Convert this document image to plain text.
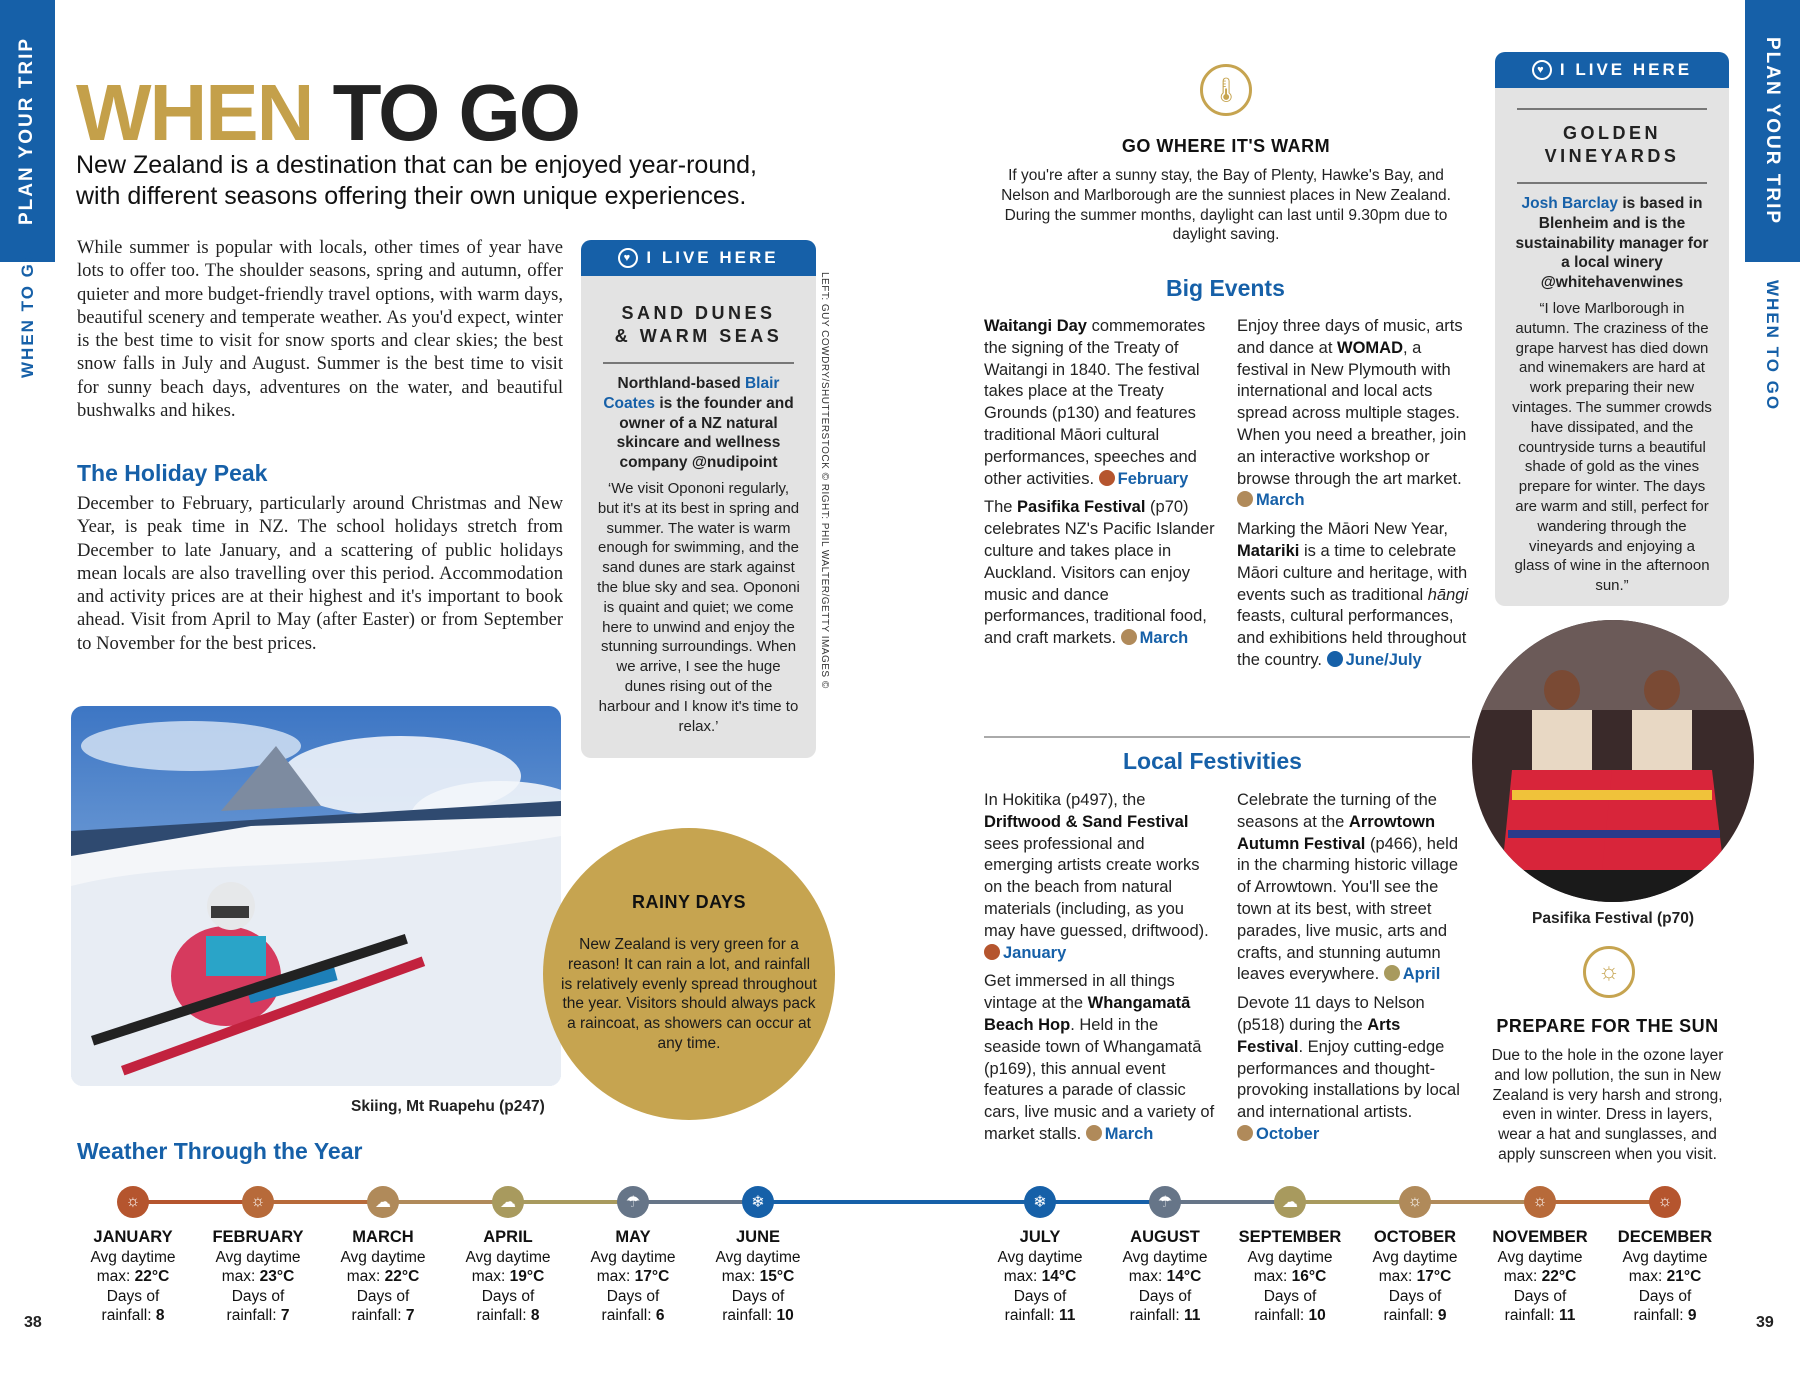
PLAN YOUR TRIP
WHEN TO GO
PLAN YOUR TRIP
WHEN TO GO
WHEN TO GO
New Zealand is a destination that can be enjoyed year-round, with different seasons offering their own unique experiences.
While summer is popular with locals, other times of year have lots to offer too. The shoulder seasons, spring and autumn, offer quieter and more budget-friendly travel options, with warm days, beautiful scenery and temperate weather. As you'd expect, winter is the best time to visit for snow sports and clear skies; the best snow falls in July and August. Summer is the best time to visit for sunny beach days, adventures on the water, and beautiful bushwalks and hikes.
The Holiday Peak
December to February, particularly around Christmas and New Year, is peak time in NZ. The school holidays stretch from December to late January, and a scattering of public holidays mean locals are also travelling over this period. Accommodation and activity prices are at their highest and it's important to book ahead. Visit from April to May (after Easter) or from September to November for the best prices.
♥ I LIVE HERE
SAND DUNES & WARM SEAS
Northland-based Blair Coates is the founder and owner of a NZ natural skincare and wellness company @nudipoint
‘We visit Opononi regularly, but it's at its best in spring and summer. The water is warm enough for swimming, and the sand dunes are stark against the blue sky and sea. Opononi is quaint and quiet; we come here to unwind and enjoy the stunning surroundings. When we arrive, I see the huge dunes rising out of the harbour and I know it's time to relax.’
LEFT: GUY COWDRY/SHUTTERSTOCK © RIGHT: PHIL WALTER/GETTY IMAGES ©
Skiing, Mt Ruapehu (p247)
RAINY DAYS
New Zealand is very green for a reason! It can rain a lot, and rainfall is relatively evenly spread throughout the year. Visitors should always pack a raincoat, as showers can occur at any time.
🌡
GO WHERE IT'S WARM
If you're after a sunny stay, the Bay of Plenty, Hawke's Bay, and Nelson and Marlborough are the sunniest places in New Zealand. During the summer months, daylight can last until 9.30pm due to daylight saving.
Big Events

Waitangi Day commemorates the signing of the Treaty of Waitangi in 1840. The festival takes place at the Treaty Grounds (p130) and features traditional Māori cultural performances, speeches and other activities. February

The Pasifika Festival (p70) celebrates NZ's Pacific Islander culture and takes place in Auckland. Visitors can enjoy music and dance performances, traditional food, and craft markets. March

Enjoy three days of music, arts and dance at WOMAD, a festival in New Plymouth with international and local acts spread across multiple stages. When you need a breather, join an interactive workshop or browse through the art market. March

Marking the Māori New Year, Matariki is a time to celebrate Māori culture and heritage, with events such as traditional hāngi feasts, cultural performances, and exhibitions held throughout the country. June/July

Local Festivities

In Hokitika (p497), the Driftwood & Sand Festival sees professional and emerging artists create works on the beach from natural materials (including, as you may have guessed, driftwood). January

Get immersed in all things vintage at the Whangamatā Beach Hop. Held in the seaside town of Whangamatā (p169), this annual event features a parade of classic cars, live music and a variety of market stalls. March

Celebrate the turning of the seasons at the Arrowtown Autumn Festival (p466), held in the charming historic village of Arrowtown. You'll see the town at its best, with street parades, live music, arts and crafts, and stunning autumn leaves everywhere. April

Devote 11 days to Nelson (p518) during the Arts Festival. Enjoy cutting-edge performances and thought-provoking installations by local and international artists. October

♥ I LIVE HERE
GOLDEN VINEYARDS
Josh Barclay is based in Blenheim and is the sustainability manager for a local winery @whitehavenwines
“I love Marlborough in autumn. The craziness of the grape harvest has died down and winemakers are hard at work preparing their new vintages. The summer crowds have dissipated, and the countryside turns a beautiful shade of gold as the vines prepare for winter. The days are warm and still, perfect for wandering through the vineyards and enjoying a glass of wine in the afternoon sun.”
Pasifika Festival (p70)
☼
PREPARE FOR THE SUN
Due to the hole in the ozone layer and low pollution, the sun in New Zealand is very harsh and strong, even in winter. Dress in layers, wear a hat and sunglasses, and apply sunscreen when you visit.
Weather Through the Year
☼
JANUARY
Avg daytime
max: 22°C
Days of
rainfall: 8
☼
FEBRUARY
Avg daytime
max: 23°C
Days of
rainfall: 7
☁
MARCH
Avg daytime
max: 22°C
Days of
rainfall: 7
☁
APRIL
Avg daytime
max: 19°C
Days of
rainfall: 8
☂
MAY
Avg daytime
max: 17°C
Days of
rainfall: 6
❄
JUNE
Avg daytime
max: 15°C
Days of
rainfall: 10
❄
JULY
Avg daytime
max: 14°C
Days of
rainfall: 11
☂
AUGUST
Avg daytime
max: 14°C
Days of
rainfall: 11
☁
SEPTEMBER
Avg daytime
max: 16°C
Days of
rainfall: 10
☼
OCTOBER
Avg daytime
max: 17°C
Days of
rainfall: 9
☼
NOVEMBER
Avg daytime
max: 22°C
Days of
rainfall: 11
☼
DECEMBER
Avg daytime
max: 21°C
Days of
rainfall: 9
38	39
